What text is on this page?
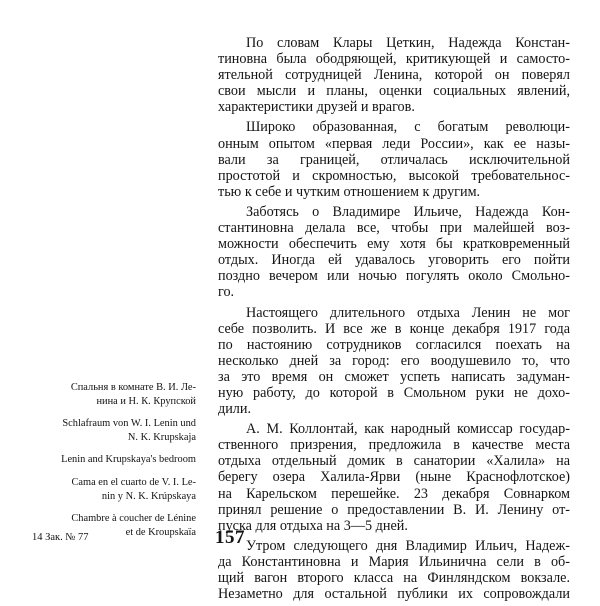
По словам Клары Цеткин, Надежда Констан-
тиновна была ободряющей, критикующей и самосто-
ятельной сотрудницей Ленина, которой он поверял
свои мысли и планы, оценки социальных явлений,
характеристики друзей и врагов.
Широко образованная, с богатым революци-
онным опытом «первая леди России», как ее назы-
вали за границей, отличалась исключительной
простотой и скромностью, высокой требовательнос-
тью к себе и чутким отношением к другим.
Заботясь о Владимире Ильиче, Надежда Кон-
стантиновна делала все, чтобы при малейшей воз-
можности обеспечить ему хотя бы кратковременный
отдых. Иногда ей удавалось уговорить его пойти
поздно вечером или ночью погулять около Смольно-
го.
Настоящего длительного отдыха Ленин не мог
себе позволить. И все же в конце декабря 1917 года
по настоянию сотрудников согласился поехать на
несколько дней за город: его воодушевило то, что
за это время он сможет успеть написать задуман-
ную работу, до которой в Смольном руки не дохо-
дили.
А. М. Коллонтай, как народный комиссар государ-
ственного призрения, предложила в качестве места
отдыха отдельный домик в санатории «Халила» на
берегу озера Халила-Ярви (ныне Краснофлотское)
на Карельском перешейке. 23 декабря Совнарком
принял решение о предоставлении В. И. Ленину от-
пуска для отдыха на 3—5 дней.
Утром следующего дня Владимир Ильич, Надеж-
да Константиновна и Мария Ильинична сели в об-
щий вагон второго класса на Финляндском вокзале.
Незаметно для остальной публики их сопровождали
Спальня в комнате В. И. Ле-
нина и Н. К. Крупской
Schlafraum von W. I. Lenin und
N. K. Krupskaja
Lenin and Krupskaya's bedroom
Cama en el cuarto de V. I. Le-
nin y N. K. Krúpskaya
Chambre à coucher de Lénine
et de Kroupskaïa
14 Зак. № 77	157
